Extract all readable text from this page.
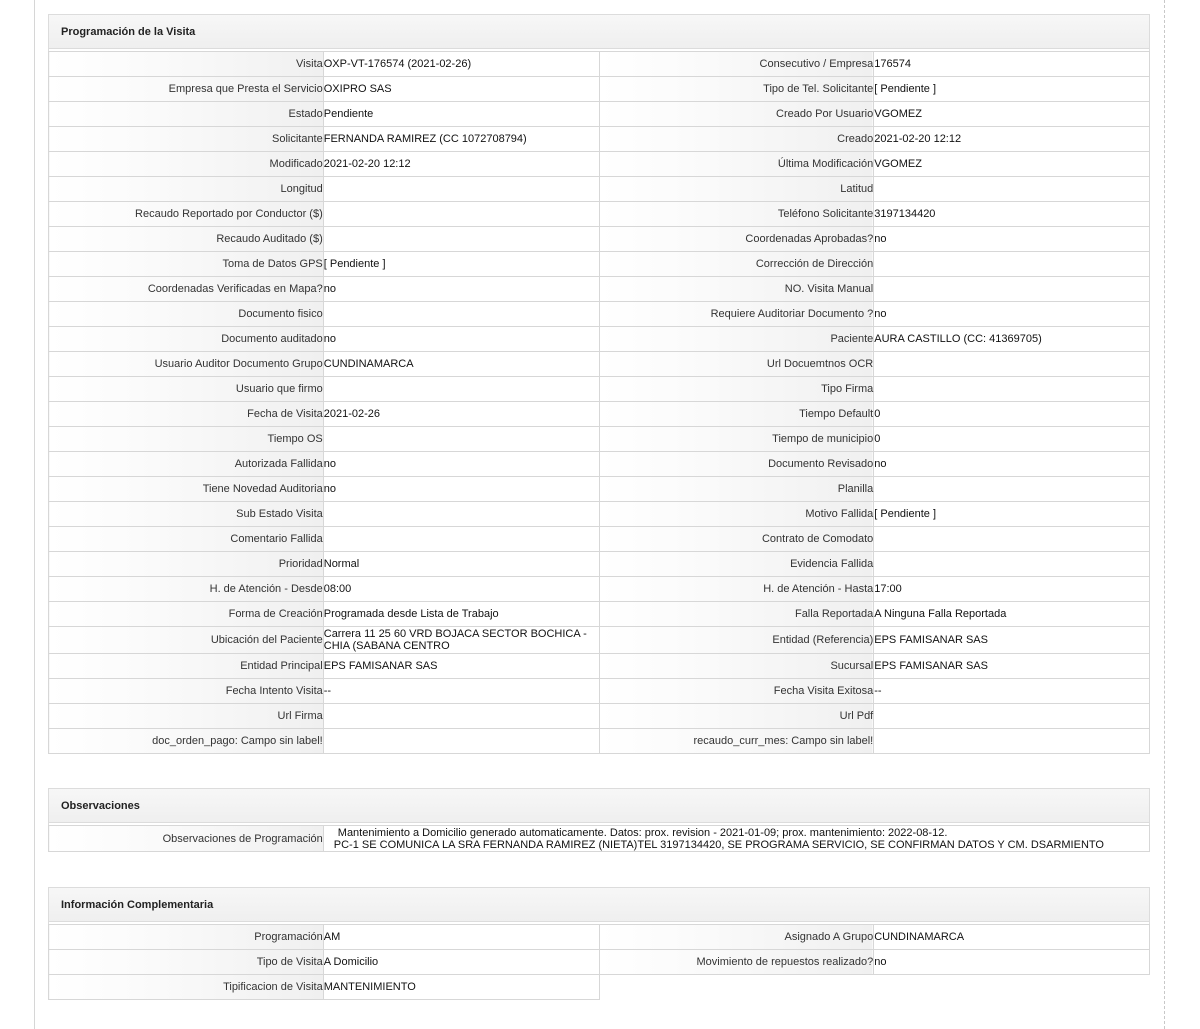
Programación de la Visita
Visita	OXP-VT-176574 (2021-02-26)	Consecutivo / Empresa	176574
Empresa que Presta el Servicio	OXIPRO SAS	Tipo de Tel. Solicitante	[ Pendiente ]
Estado	Pendiente	Creado Por Usuario	VGOMEZ
Solicitante	FERNANDA RAMIREZ (CC 1072708794)	Creado	2021-02-20 12:12
Modificado	2021-02-20 12:12	Última Modificación	VGOMEZ
Longitud		Latitud	
Recaudo Reportado por Conductor ($)		Teléfono Solicitante	3197134420
Recaudo Auditado ($)		Coordenadas Aprobadas?	no
Toma de Datos GPS	[ Pendiente ]	Corrección de Dirección	
Coordenadas Verificadas en Mapa?	no	NO. Visita Manual	
Documento fisico		Requiere Auditoriar Documento ?	no
Documento auditado	no	Paciente	AURA CASTILLO (CC: 41369705)
Usuario Auditor Documento Grupo	CUNDINAMARCA	Url Docuemtnos OCR	
Usuario que firmo		Tipo Firma	
Fecha de Visita	2021-02-26	Tiempo Default	0
Tiempo OS		Tiempo de municipio	0
Autorizada Fallida	no	Documento Revisado	no
Tiene Novedad Auditoria	no	Planilla	
Sub Estado Visita		Motivo Fallida	[ Pendiente ]
Comentario Fallida		Contrato de Comodato	
Prioridad	Normal	Evidencia Fallida	
H. de Atención - Desde	08:00	H. de Atención - Hasta	17:00
Forma de Creación	Programada desde Lista de Trabajo	Falla Reportada	A Ninguna Falla Reportada
Ubicación del Paciente	Carrera 11 25 60 VRD BOJACA SECTOR BOCHICA - CHIA (SABANA CENTRO	Entidad (Referencia)	EPS FAMISANAR SAS
Entidad Principal	EPS FAMISANAR SAS	Sucursal	EPS FAMISANAR SAS
Fecha Intento Visita	--	Fecha Visita Exitosa	--
Url Firma		Url Pdf	
doc_orden_pago: Campo sin label!		recaudo_curr_mes: Campo sin label!	
Observaciones
Observaciones de Programación	Mantenimiento a Domicilio generado automaticamente. Datos: prox. revision - 2021-01-09; prox. mantenimiento: 2022-08-12.
PC-1 SE COMUNICA LA SRA FERNANDA RAMIREZ (NIETA)TEL 3197134420, SE PROGRAMA SERVICIO, SE CONFIRMAN DATOS Y CM. DSARMIENTO
Información Complementaria
Programación	AM	Asignado A Grupo	CUNDINAMARCA
Tipo de Visita	A Domicilio	Movimiento de repuestos realizado?	no
Tipificacion de Visita	MANTENIMIENTO		
